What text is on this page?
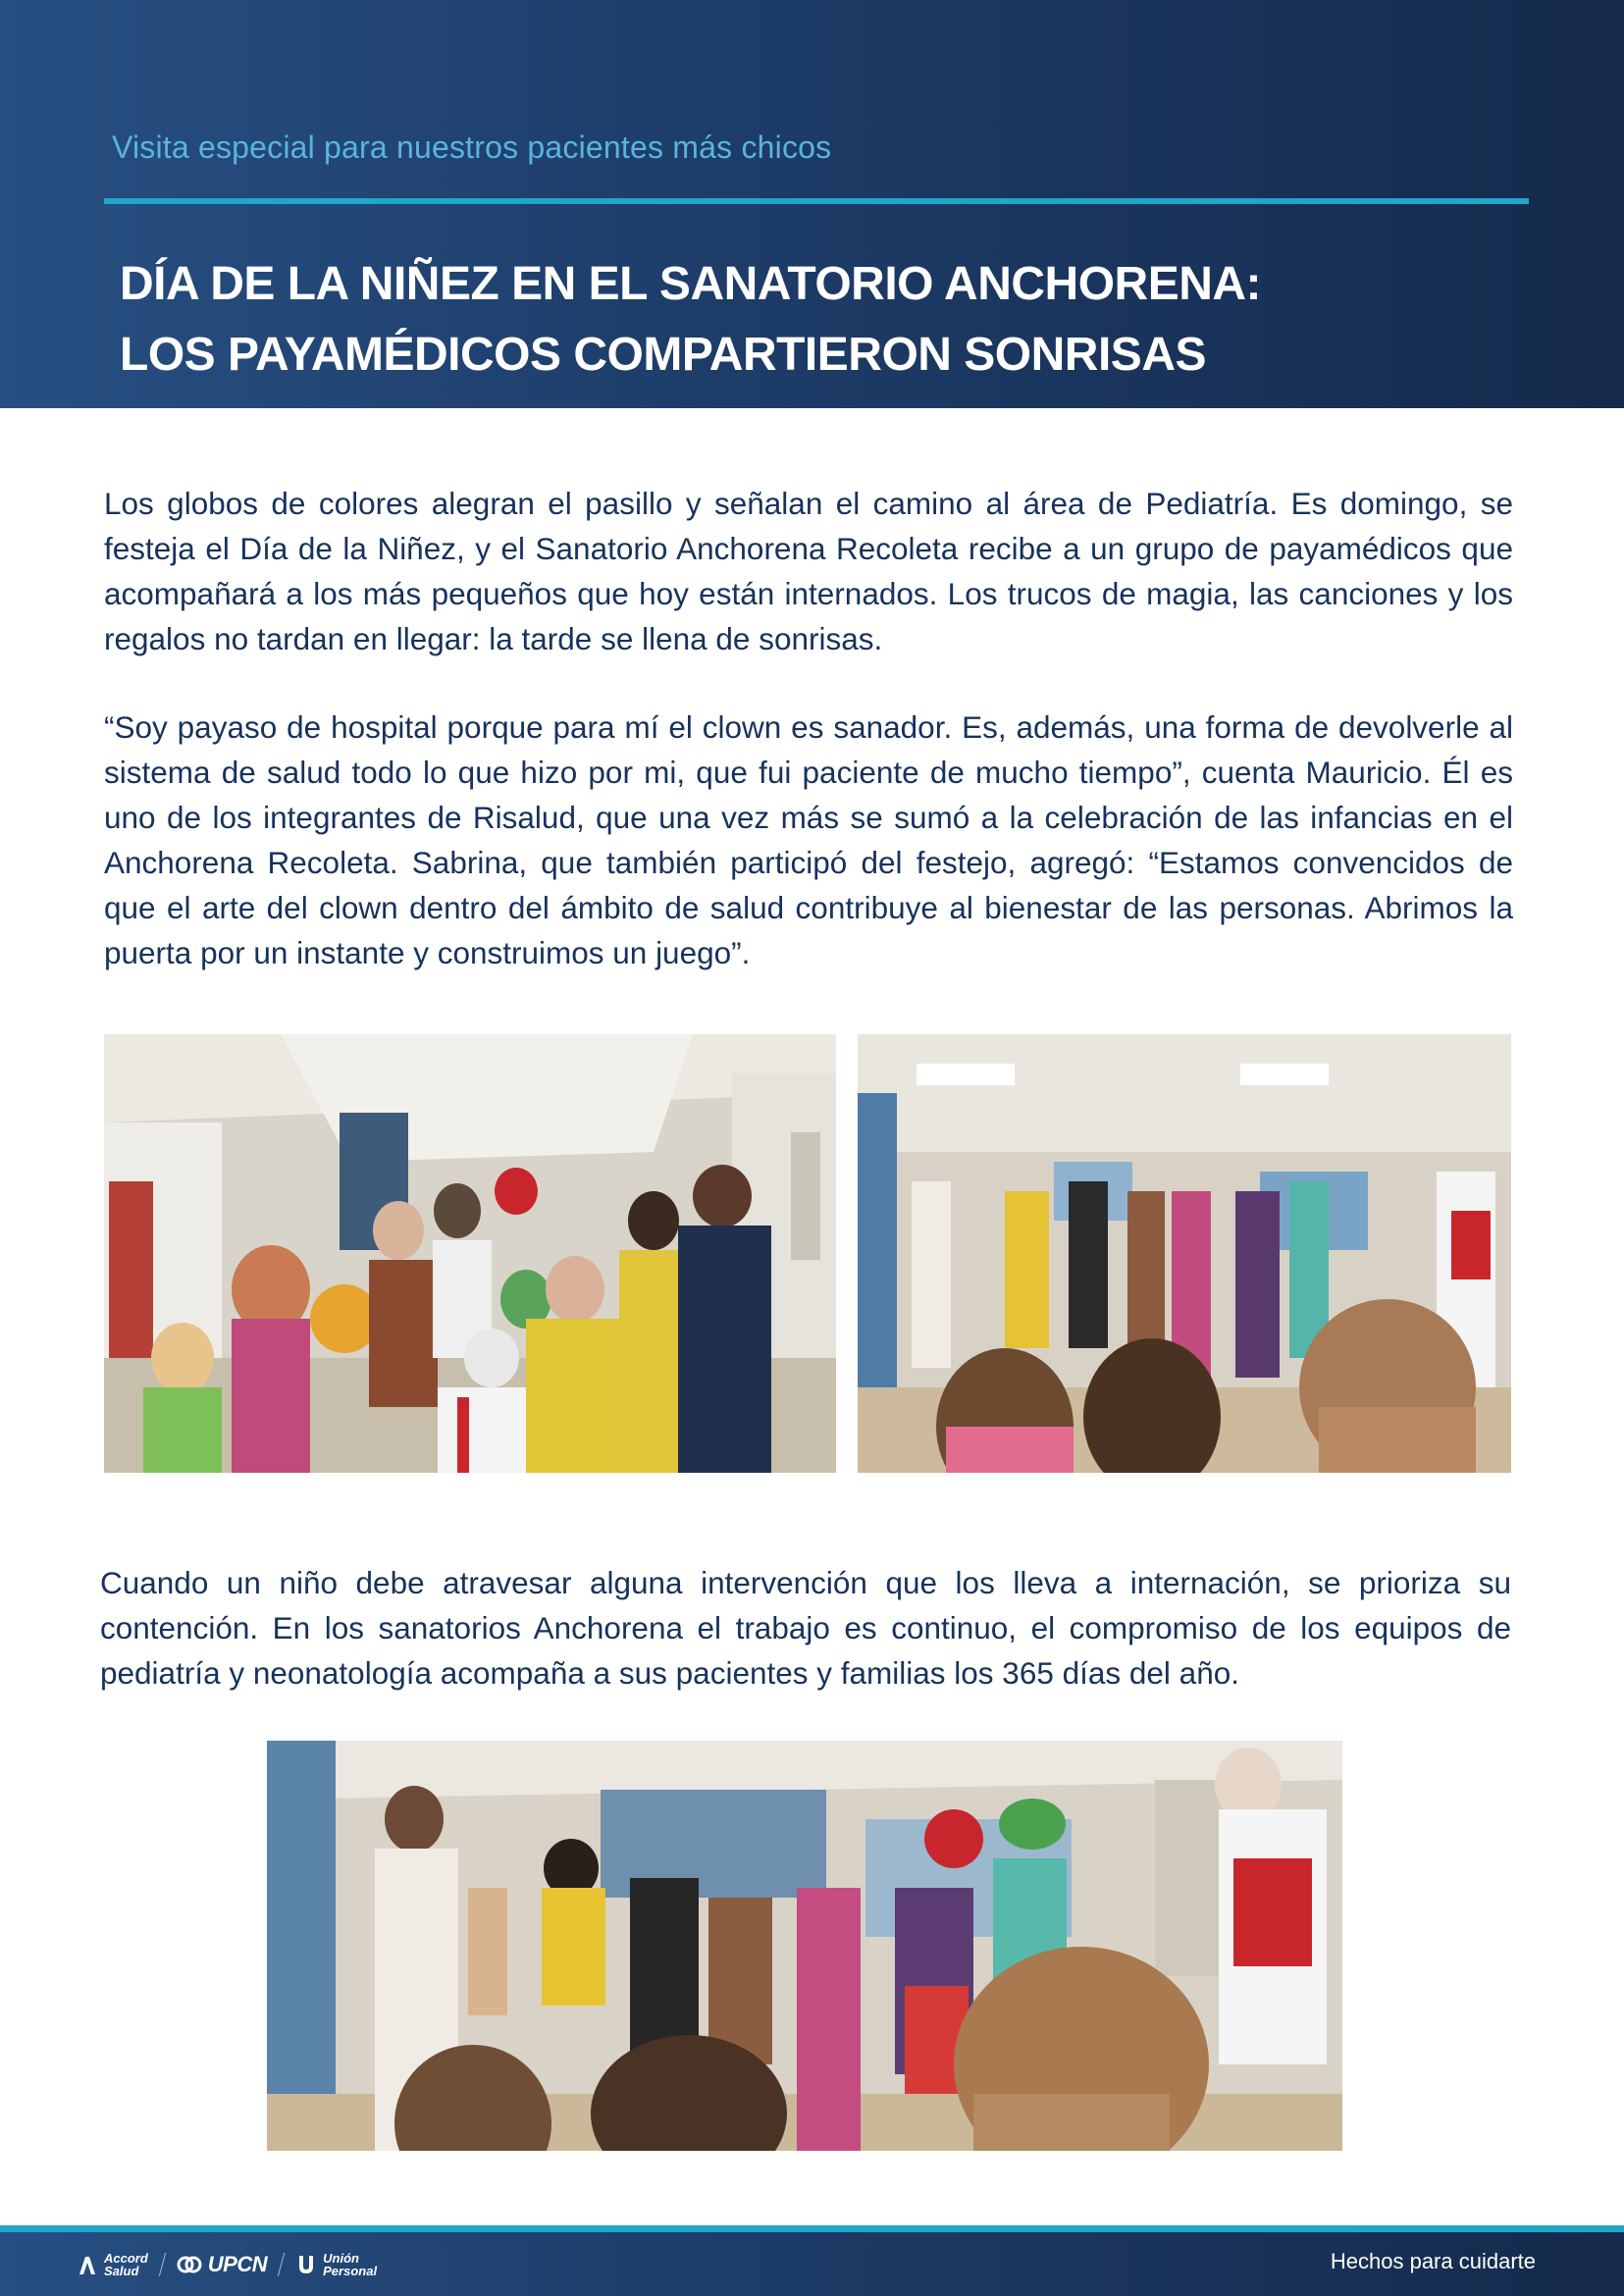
Visita especial para nuestros pacientes más chicos
DÍA DE LA NIÑEZ EN EL SANATORIO ANCHORENA:
LOS PAYAMÉDICOS COMPARTIERON SONRISAS

Los globos de colores alegran el pasillo y señalan el camino al área de Pediatría. Es domingo, se festeja el Día de la Niñez, y el Sanatorio Anchorena Recoleta recibe a un grupo de payamédicos que acompañará a los más pequeños que hoy están internados. Los trucos de magia, las canciones y los regalos no tardan en llegar: la tarde se llena de sonrisas.

“Soy payaso de hospital porque para mí el clown es sanador. Es, además, una forma de devolverle al sistema de salud todo lo que hizo por mi, que fui paciente de mucho tiempo”, cuenta Mauricio. Él es uno de los integrantes de Risalud, que una vez más se sumó a la celebración de las infancias en el Anchorena Recoleta. Sabrina, que también participó del festejo, agregó: “Estamos convencidos de que el arte del clown dentro del ámbito de salud contribuye al bienestar de las personas. Abrimos la puerta por un instante y construimos un juego”.

Cuando un niño debe atravesar alguna intervención que los lleva a internación, se prioriza su contención. En los sanatorios Anchorena el trabajo es continuo, el compromiso de los equipos de pediatría y neonatología acompaña a sus pacientes y familias los 365 días del año.

Accord
Salud	UPCN	Unión
Personal	Hechos para cuidarte
